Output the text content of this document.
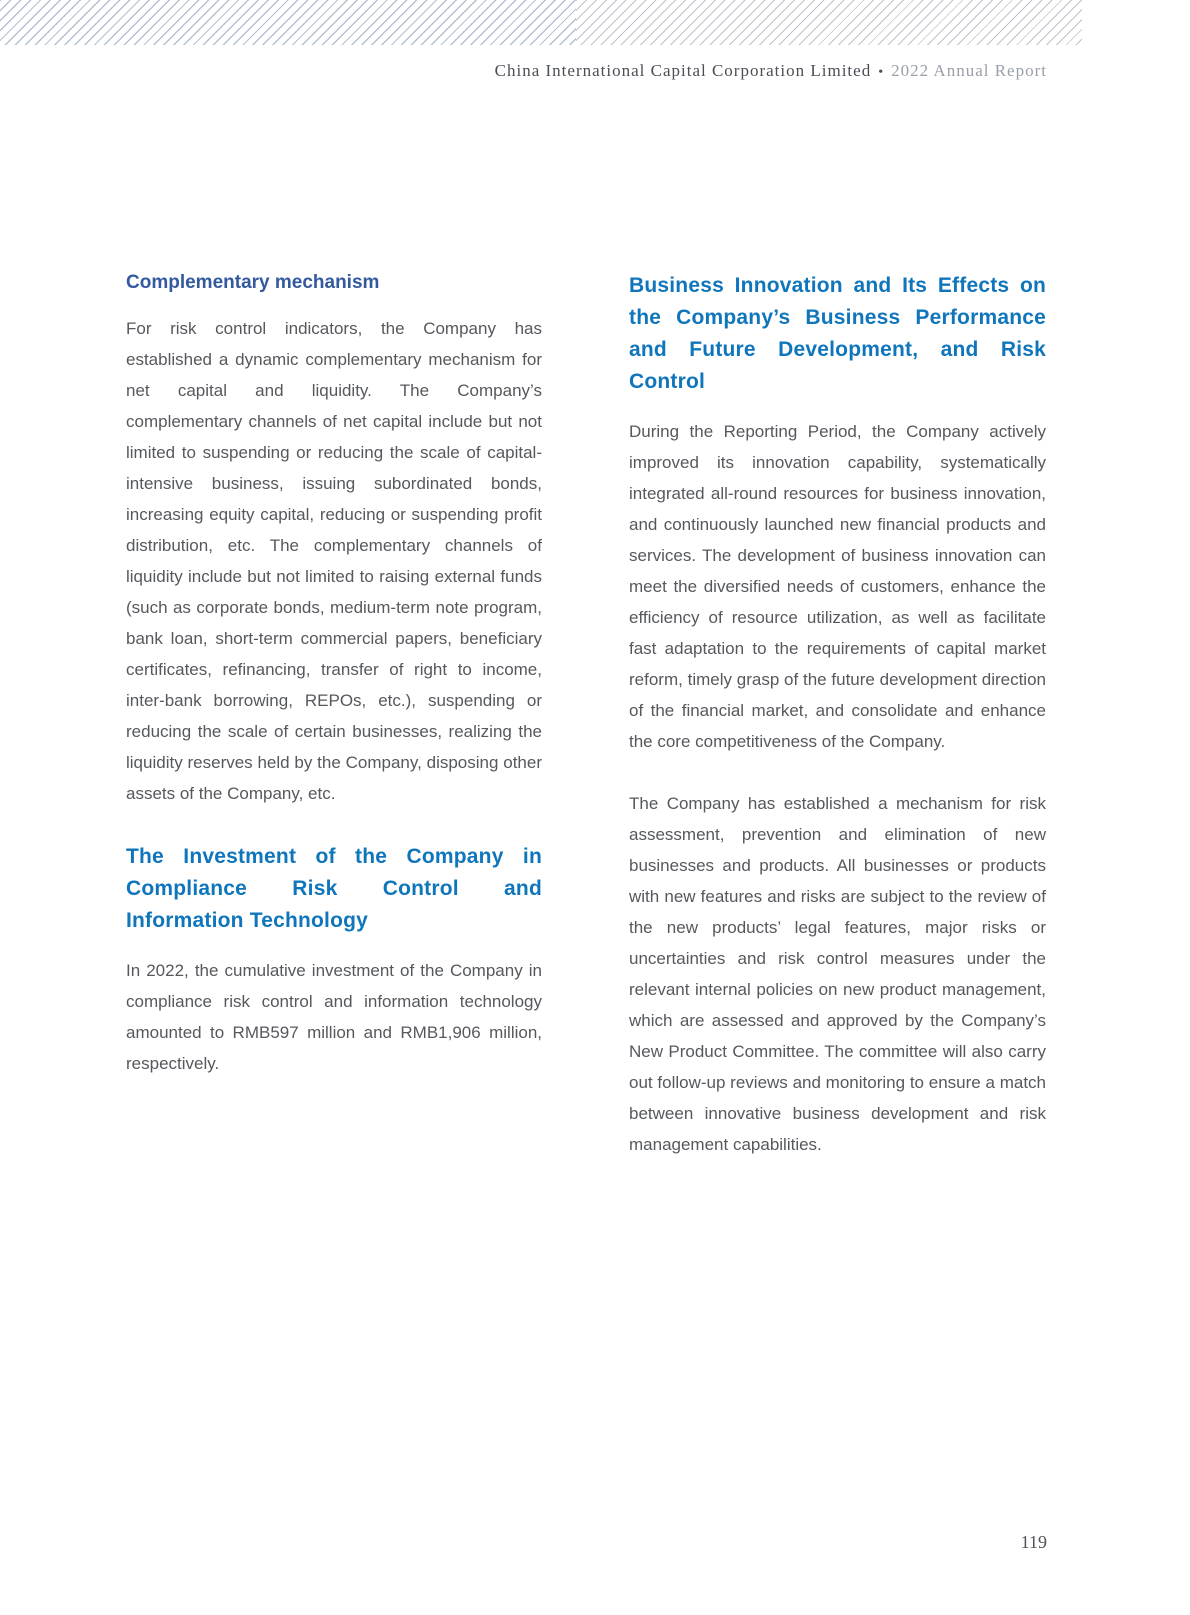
China International Capital Corporation Limited • 2022 Annual Report
Complementary mechanism

For risk control indicators, the Company has established a dynamic complementary mechanism for net capital and liquidity. The Company’s complementary channels of net capital include but not limited to suspending or reducing the scale of capital-intensive business, issuing subordinated bonds, increasing equity capital, reducing or suspending profit distribution, etc. The complementary channels of liquidity include but not limited to raising external funds (such as corporate bonds, medium-term note program, bank loan, short-term commercial papers, beneficiary certificates, refinancing, transfer of right to income, inter-bank borrowing, REPOs, etc.), suspending or reducing the scale of certain businesses, realizing the liquidity reserves held by the Company, disposing other assets of the Company, etc.

The Investment of the Company in Compliance Risk Control and Information Technology

In 2022, the cumulative investment of the Company in compliance risk control and information technology amounted to RMB597 million and RMB1,906 million, respectively.

Business Innovation and Its Effects on the Company’s Business Performance and Future Development, and Risk Control

During the Reporting Period, the Company actively improved its innovation capability, systematically integrated all-round resources for business innovation, and continuously launched new financial products and services. The development of business innovation can meet the diversified needs of customers, enhance the efficiency of resource utilization, as well as facilitate fast adaptation to the requirements of capital market reform, timely grasp of the future development direction of the financial market, and consolidate and enhance the core competitiveness of the Company.

The Company has established a mechanism for risk assessment, prevention and elimination of new businesses and products. All businesses or products with new features and risks are subject to the review of the new products’ legal features, major risks or uncertainties and risk control measures under the relevant internal policies on new product management, which are assessed and approved by the Company’s New Product Committee. The committee will also carry out follow-up reviews and monitoring to ensure a match between innovative business development and risk management capabilities.

119
